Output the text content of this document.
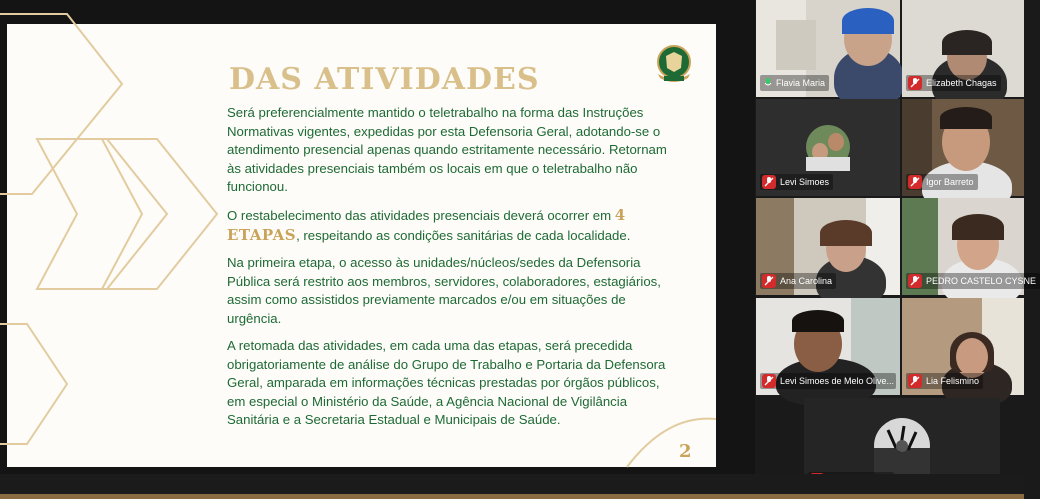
DAS ATIVIDADES
Será preferencialmente mantido o teletrabalho na forma das Instruções Normativas vigentes, expedidas por esta Defensoria Geral, adotando-se o atendimento presencial apenas quando estritamente necessário. Retornam às atividades presenciais também os locais em que o teletrabalho não funcionou.
O restabelecimento das atividades presenciais deverá ocorrer em 4 ETAPAS, respeitando as condições sanitárias de cada localidade.
Na primeira etapa, o acesso às unidades/núcleos/sedes da Defensoria Pública será restrito aos membros, servidores, colaboradores, estagiários, assim como assistidos previamente marcados e/ou em situações de urgência.
A retomada das atividades, em cada uma das etapas, será precedida obrigatoriamente de análise do Grupo de Trabalho e Portaria da Defensora Geral, amparada em informações técnicas prestadas por órgãos públicos, em especial o Ministério da Saúde, a Agência Nacional de Vigilância Sanitária e a Secretaria Estadual e Municipais de Saúde.
2
Flavia Maria	Elizabeth Chagas
Levi Simoes	Igor Barreto
Ana Carolina	PEDRO CASTELO CYSNE
Levi Simoes de Melo Olive...	Lia Felismino
